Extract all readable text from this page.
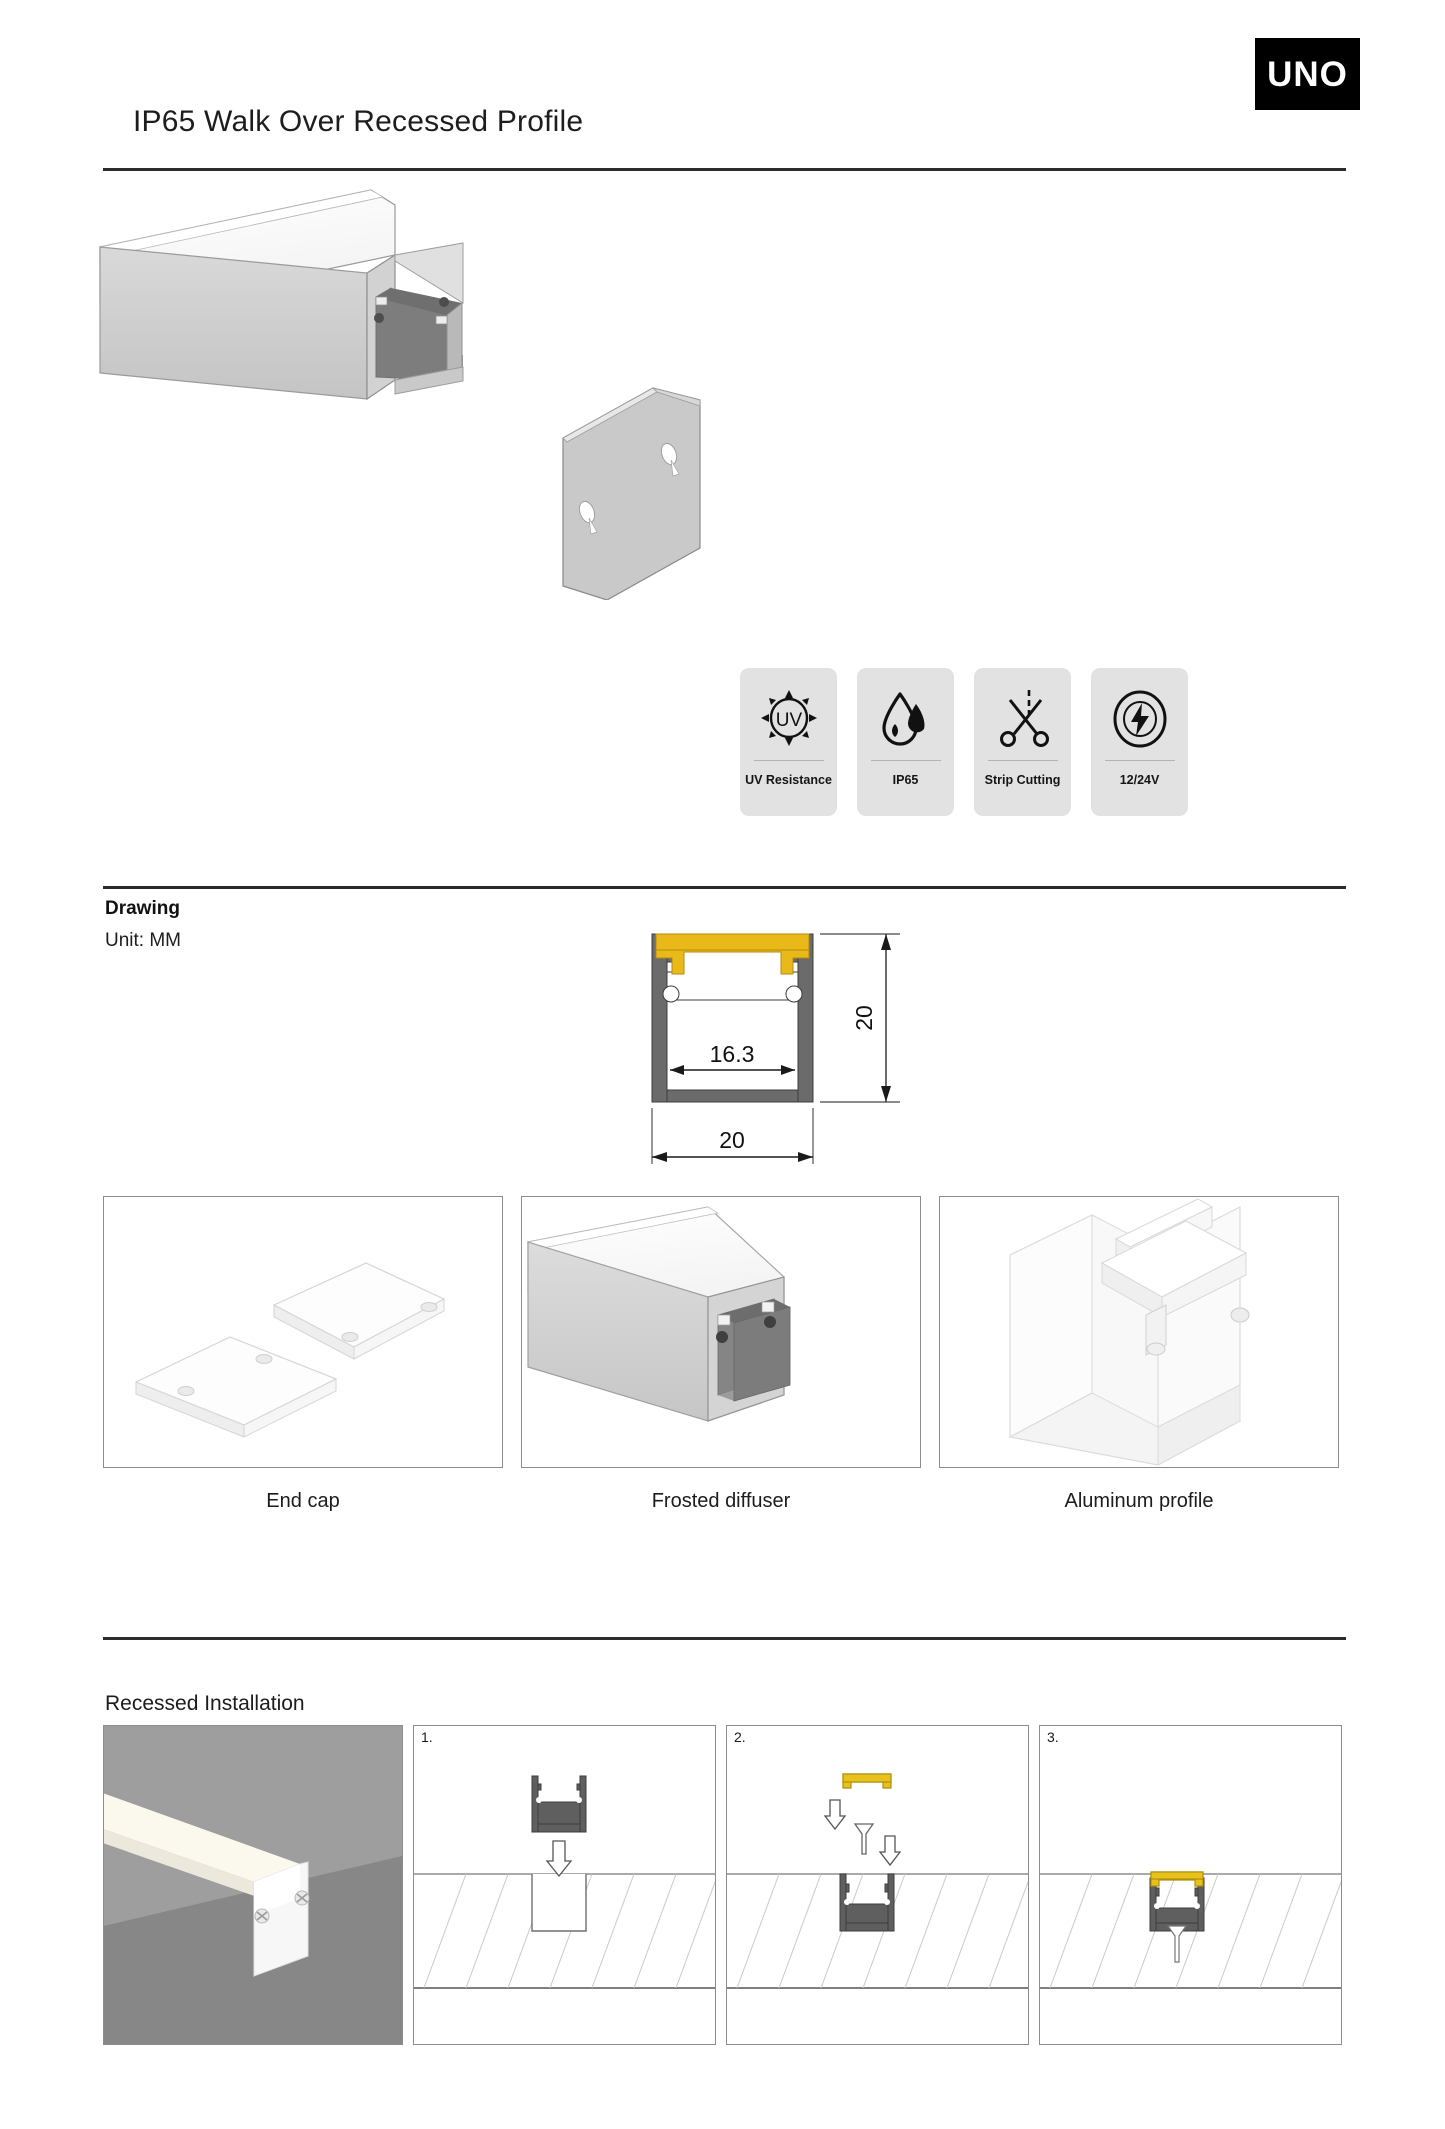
IP65 Walk Over Recessed Profile
UNO
UV
UV Resistance	IP65	Strip Cutting	12/24V
Drawing
Unit: MM
16.3
20
20
End cap	Frosted diffuser	Aluminum profile
Recessed Installation
1.	2.	3.
